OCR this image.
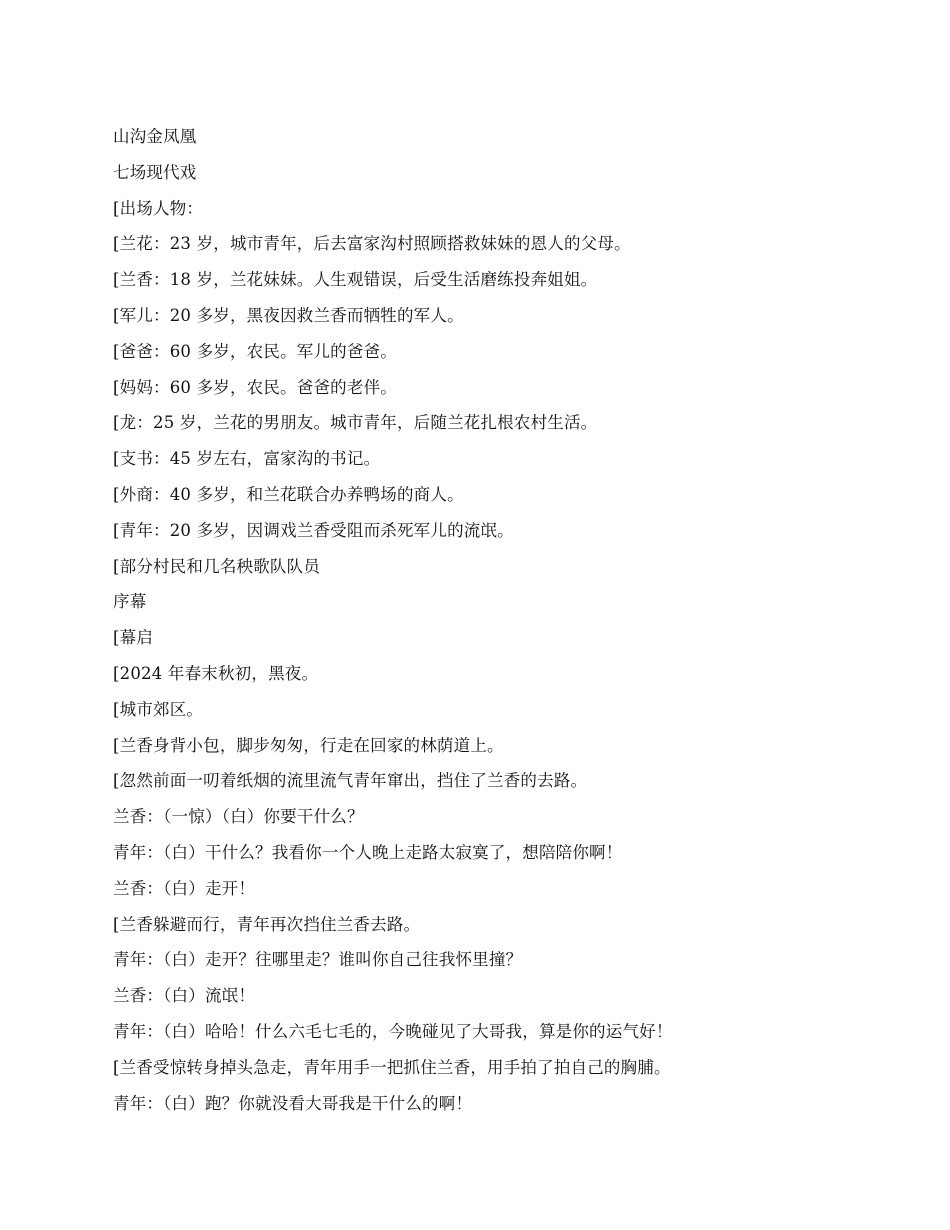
山沟金凤凰
七场现代戏
[出场人物：
[兰花：23 岁，城市青年，后去富家沟村照顾搭救妹妹的恩人的父母。
[兰香：18 岁，兰花妹妹。人生观错误，后受生活磨练投奔姐姐。
[军儿：20 多岁，黑夜因救兰香而牺牲的军人。
[爸爸：60 多岁，农民。军儿的爸爸。
[妈妈：60 多岁，农民。爸爸的老伴。
[龙：25 岁，兰花的男朋友。城市青年，后随兰花扎根农村生活。
[支书：45 岁左右，富家沟的书记。
[外商：40 多岁，和兰花联合办养鸭场的商人。
[青年：20 多岁，因调戏兰香受阻而杀死军儿的流氓。
[部分村民和几名秧歌队队员
序幕
[幕启
[2024 年春末秋初，黑夜。
[城市郊区。
[兰香身背小包，脚步匆匆，行走在回家的林荫道上。
[忽然前面一叨着纸烟的流里流气青年窜出，挡住了兰香的去路。
兰香：（一惊）（白）你要干什么？
青年：（白）干什么？我看你一个人晚上走路太寂寞了，想陪陪你啊！
兰香：（白）走开！
[兰香躲避而行，青年再次挡住兰香去路。
青年：（白）走开？往哪里走？谁叫你自己往我怀里撞？
兰香：（白）流氓！
青年：（白）哈哈！什么六毛七毛的，今晚碰见了大哥我，算是你的运气好！
[兰香受惊转身掉头急走，青年用手一把抓住兰香，用手拍了拍自己的胸脯。
青年：（白）跑？你就没看大哥我是干什么的啊！
